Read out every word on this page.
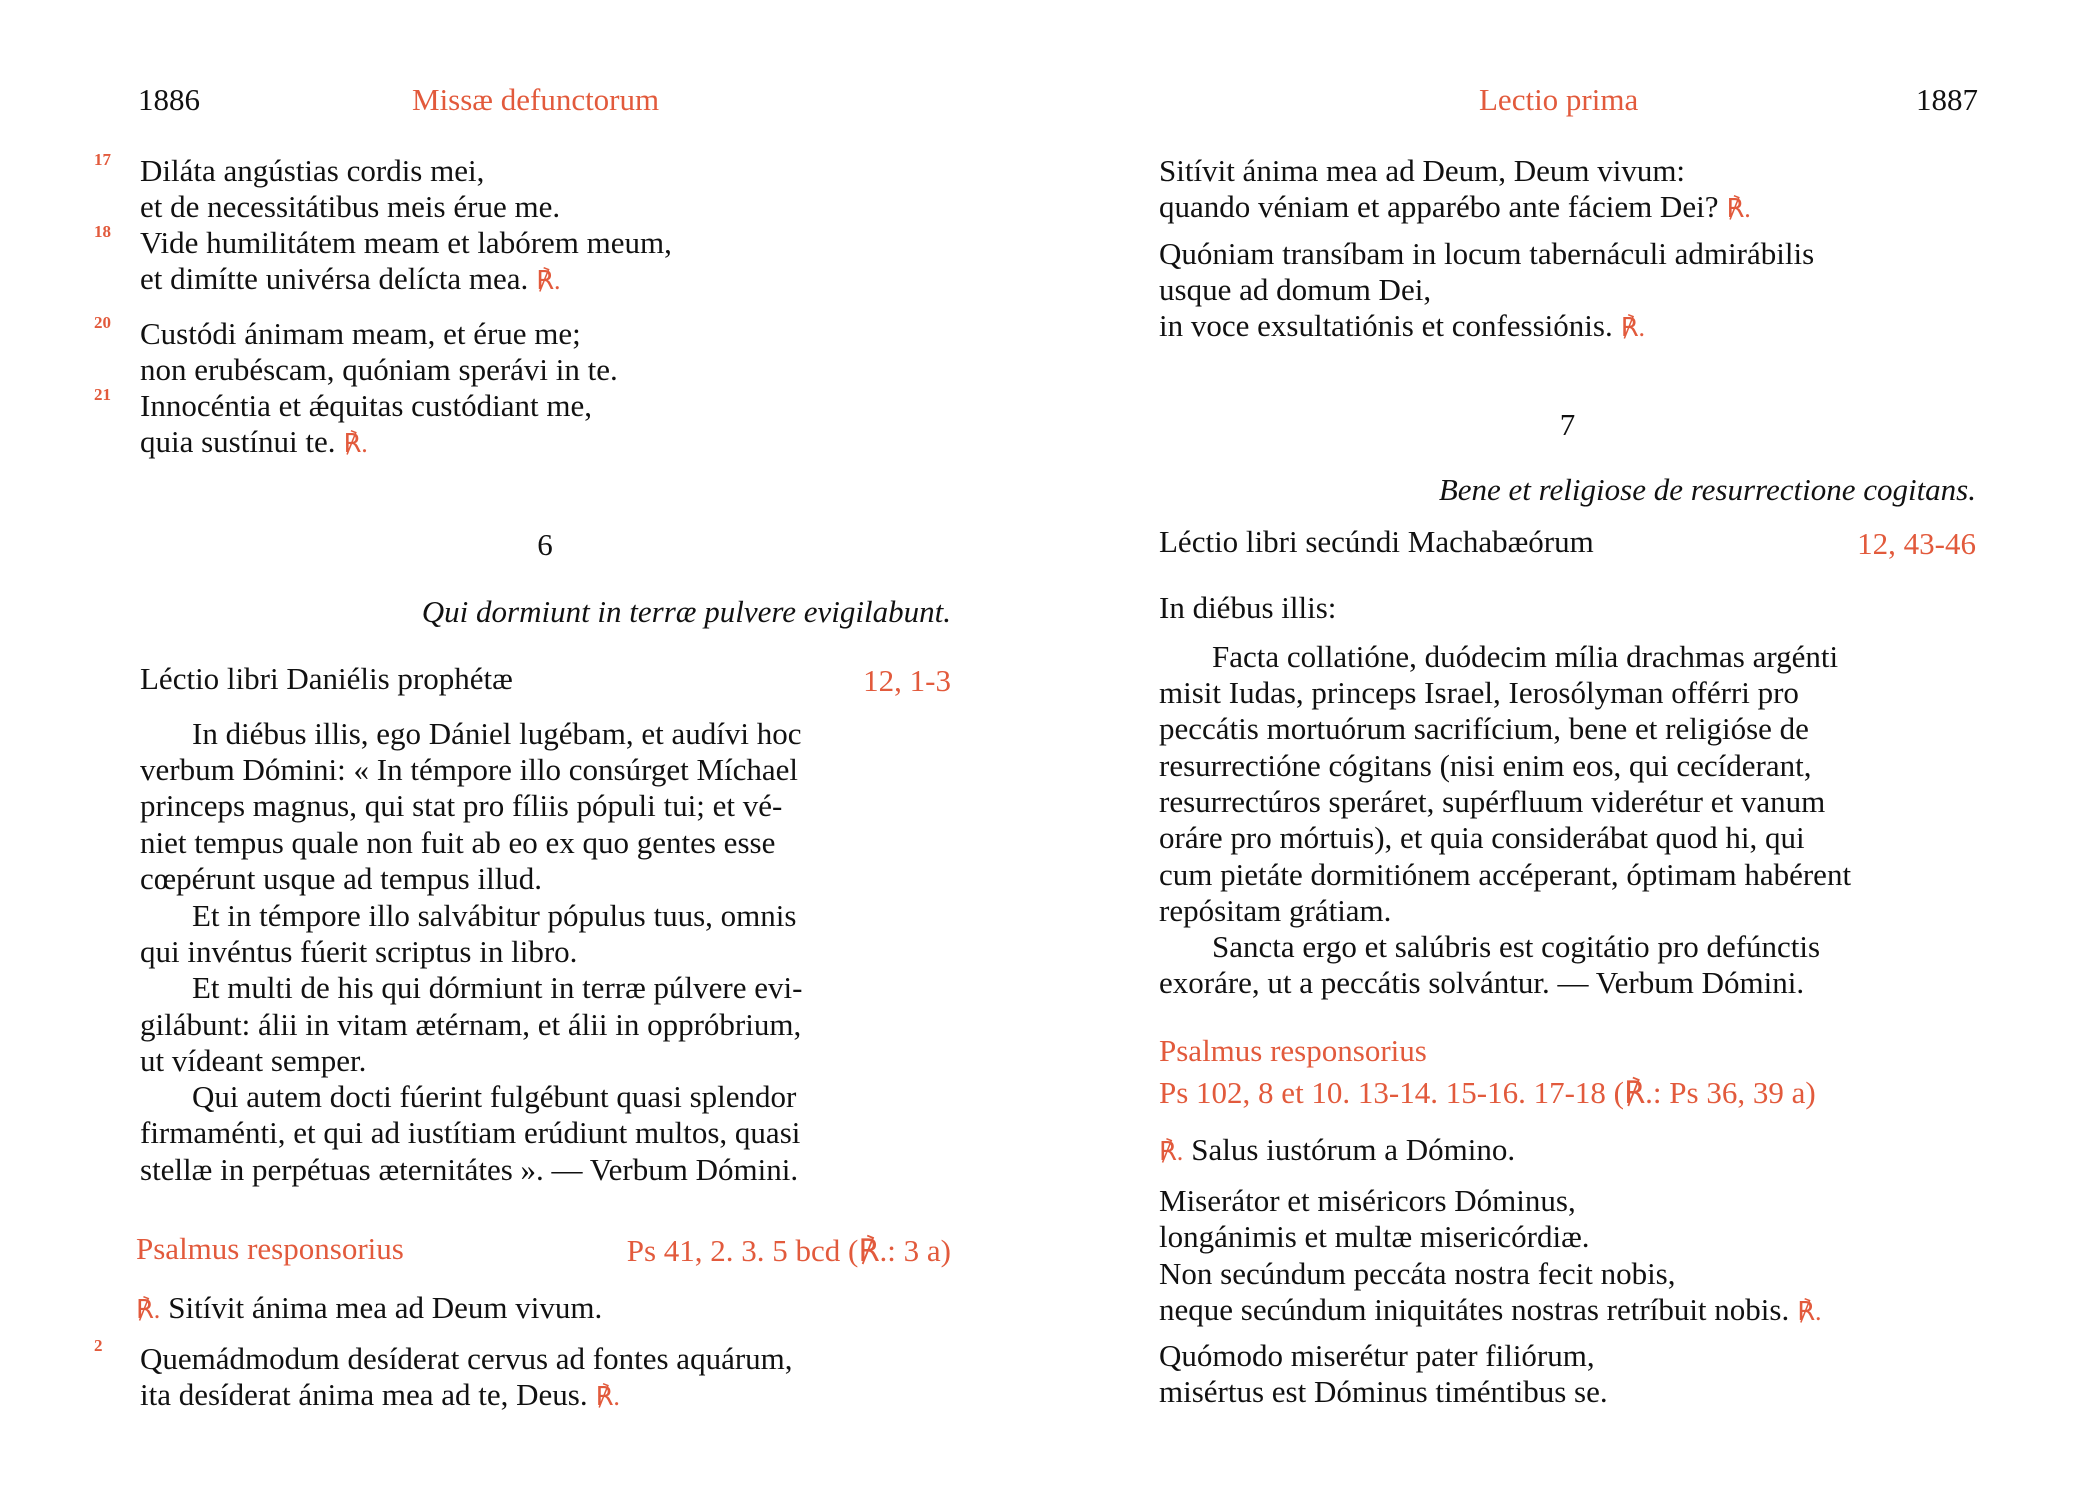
1886	Missæ defunctorum
17 Diláta angústias cordis mei,
et de necessitátibus meis érue me.
18 Vide humilitátem meam et labórem meum,
et dimítte univérsa delícta mea. ℟.
20 Custódi ánimam meam, et érue me;
non erubéscam, quóniam sperávi in te.
21 Innocéntia et ǽquitas custódiant me,
quia sustínui te. ℟.
6
Qui dormiunt in terræ pulvere evigilabunt.
Léctio libri Daniélis prophétæ	12, 1-3
In diébus illis, ego Dániel lugébam, et audívi hoc
verbum Dómini: « In témpore illo consúrget Míchael
princeps magnus, qui stat pro fíliis pópuli tui; et vé-
niet tempus quale non fuit ab eo ex quo gentes esse
cœpérunt usque ad tempus illud.
Et in témpore illo salvábitur pópulus tuus, omnis
qui invéntus fúerit scriptus in libro.
Et multi de his qui dórmiunt in terræ púlvere evi-
gilábunt: álii in vitam ætérnam, et álii in oppróbrium,
ut vídeant semper.
Qui autem docti fúerint fulgébunt quasi splendor
firmaménti, et qui ad iustítiam erúdiunt multos, quasi
stellæ in perpétuas æternitátes ». — Verbum Dómini.
Psalmus responsorius	Ps 41, 2. 3. 5 bcd (℟.: 3 a)
℟. Sitívit ánima mea ad Deum vivum.
2 Quemádmodum desíderat cervus ad fontes aquárum,
ita desíderat ánima mea ad te, Deus. ℟.
Lectio prima	1887
Sitívit ánima mea ad Deum, Deum vivum:
quando véniam et apparébo ante fáciem Dei? ℟.
Quóniam transíbam in locum tabernáculi admirábilis
usque ad domum Dei,
in voce exsultatiónis et confessiónis. ℟.
7
Bene et religiose de resurrectione cogitans.
Léctio libri secúndi Machabæórum	12, 43-46
In diébus illis:
Facta collatióne, duódecim mília drachmas argénti
misit Iudas, princeps Israel, Ierosólyman offérri pro
peccátis mortuórum sacrifícium, bene et religióse de
resurrectióne cógitans (nisi enim eos, qui cecíderant,
resurrectúros speráret, supérfluum viderétur et vanum
oráre pro mórtuis), et quia considerábat quod hi, qui
cum pietáte dormitiónem accéperant, óptimam habérent
repósitam grátiam.
Sancta ergo et salúbris est cogitátio pro defúnctis
exoráre, ut a peccátis solvántur. — Verbum Dómini.
Psalmus responsorius
Ps 102, 8 et 10. 13-14. 15-16. 17-18 (℟.: Ps 36, 39 a)
℟. Salus iustórum a Dómino.
Miserátor et miséricors Dóminus,
longánimis et multæ misericórdiæ.
Non secúndum peccáta nostra fecit nobis,
neque secúndum iniquitátes nostras retríbuit nobis. ℟.
Quómodo miserétur pater filiórum,
misértus est Dóminus timéntibus se.
